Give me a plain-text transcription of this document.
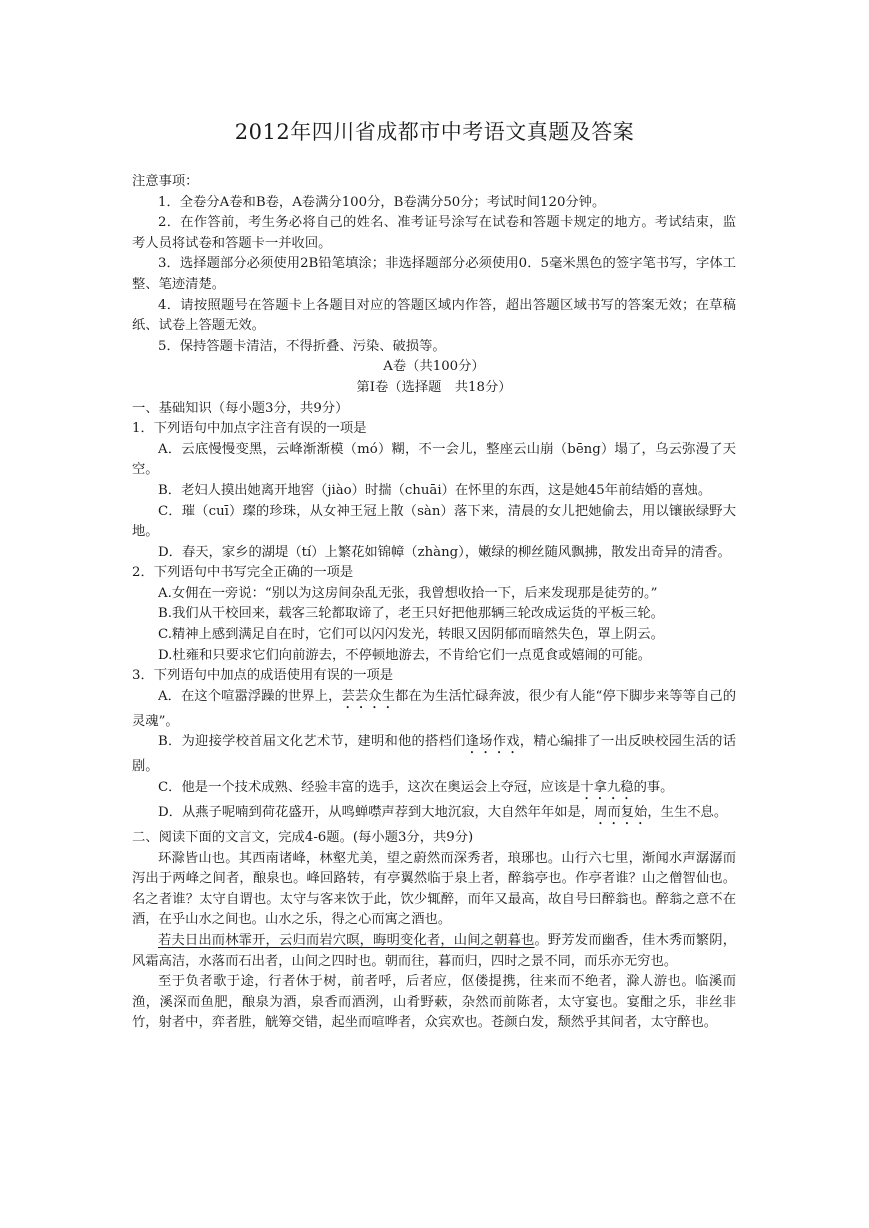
2012年四川省成都市中考语文真题及答案

注意事项：

1．全卷分A卷和B卷，A卷满分100分，B卷满分50分；考试时间120分钟。

2．在作答前，考生务必将自己的姓名、准考证号涂写在试卷和答题卡规定的地方。考试结束，监考人员将试卷和答题卡一并收回。

3．选择题部分必须使用2B铅笔填涂；非选择题部分必须使用0．5毫米黑色的签字笔书写，字体工整、笔迹清楚。

4．请按照题号在答题卡上各题目对应的答题区域内作答，超出答题区域书写的答案无效；在草稿纸、试卷上答题无效。

5．保持答题卡清洁，不得折叠、污染、破损等。

A卷（共100分）

第Ⅰ卷（选择题　共18分）

一、基础知识（每小题3分，共9分）

1．下列语句中加点字注音有误的一项是

A．云底慢慢变黑，云峰渐渐模（mó）糊，不一会儿，整座云山崩（bēng）塌了，乌云弥漫了天空。

B．老妇人摸出她离开地窖（jiào）时揣（chuāi）在怀里的东西，这是她45年前结婚的喜烛。

C．璀（cuī）璨的珍珠，从女神王冠上散（sàn）落下来，清晨的女儿把她偷去，用以镶嵌绿野大地。

D．春天，家乡的湖堤（tí）上繁花如锦幛（zhàng），嫩绿的柳丝随风飘拂，散发出奇异的清香。

2．下列语句中书写完全正确的一项是

A.女佣在一旁说：“别以为这房间杂乱无张，我曾想收拾一下，后来发现那是徒劳的。”

B.我们从干校回来，载客三轮都取谛了，老王只好把他那辆三轮改成运货的平板三轮。

C.精神上感到满足自在时，它们可以闪闪发光，转眼又因阴郁而暗然失色，罩上阴云。

D.杜雍和只要求它们向前游去，不停顿地游去，不肯给它们一点觅食或嬉闹的可能。

3．下列语句中加点的成语使用有误的一项是

A．在这个喧嚣浮躁的世界上，芸芸众生都在为生活忙碌奔波，很少有人能“停下脚步来等等自己的灵魂”。

B．为迎接学校首届文化艺术节，建明和他的搭档们逢场作戏，精心编排了一出反映校园生活的话剧。

C．他是一个技术成熟、经验丰富的选手，这次在奥运会上夺冠，应该是十拿九稳的事。

D．从燕子呢喃到荷花盛开，从鸣蝉噤声荐到大地沉寂，大自然年年如是，周而复始，生生不息。

二、阅读下面的文言文，完成4-6题。(每小题3分，共9分)

环滁皆山也。其西南诸峰，林壑尤美，望之蔚然而深秀者，琅琊也。山行六七里，渐闻水声潺潺而泻出于两峰之间者，酿泉也。峰回路转，有亭翼然临于泉上者，醉翁亭也。作亭者谁？山之僧智仙也。名之者谁？太守自谓也。太守与客来饮于此，饮少辄醉，而年又最高，故自号曰醉翁也。醉翁之意不在酒，在乎山水之间也。山水之乐，得之心而寓之酒也。

若夫日出而林霏开，云归而岩穴暝，晦明变化者，山间之朝暮也。野芳发而幽香，佳木秀而繁阴，风霜高洁，水落而石出者，山间之四时也。朝而往，暮而归，四时之景不同，而乐亦无穷也。

至于负者歌于途，行者休于树，前者呼，后者应，伛偻提携，往来而不绝者，滁人游也。临溪而渔，溪深而鱼肥，酿泉为酒，泉香而酒洌，山肴野蔌，杂然而前陈者，太守宴也。宴酣之乐，非丝非竹，射者中，弈者胜，觥筹交错，起坐而喧哗者，众宾欢也。苍颜白发，颓然乎其间者，太守醉也。
